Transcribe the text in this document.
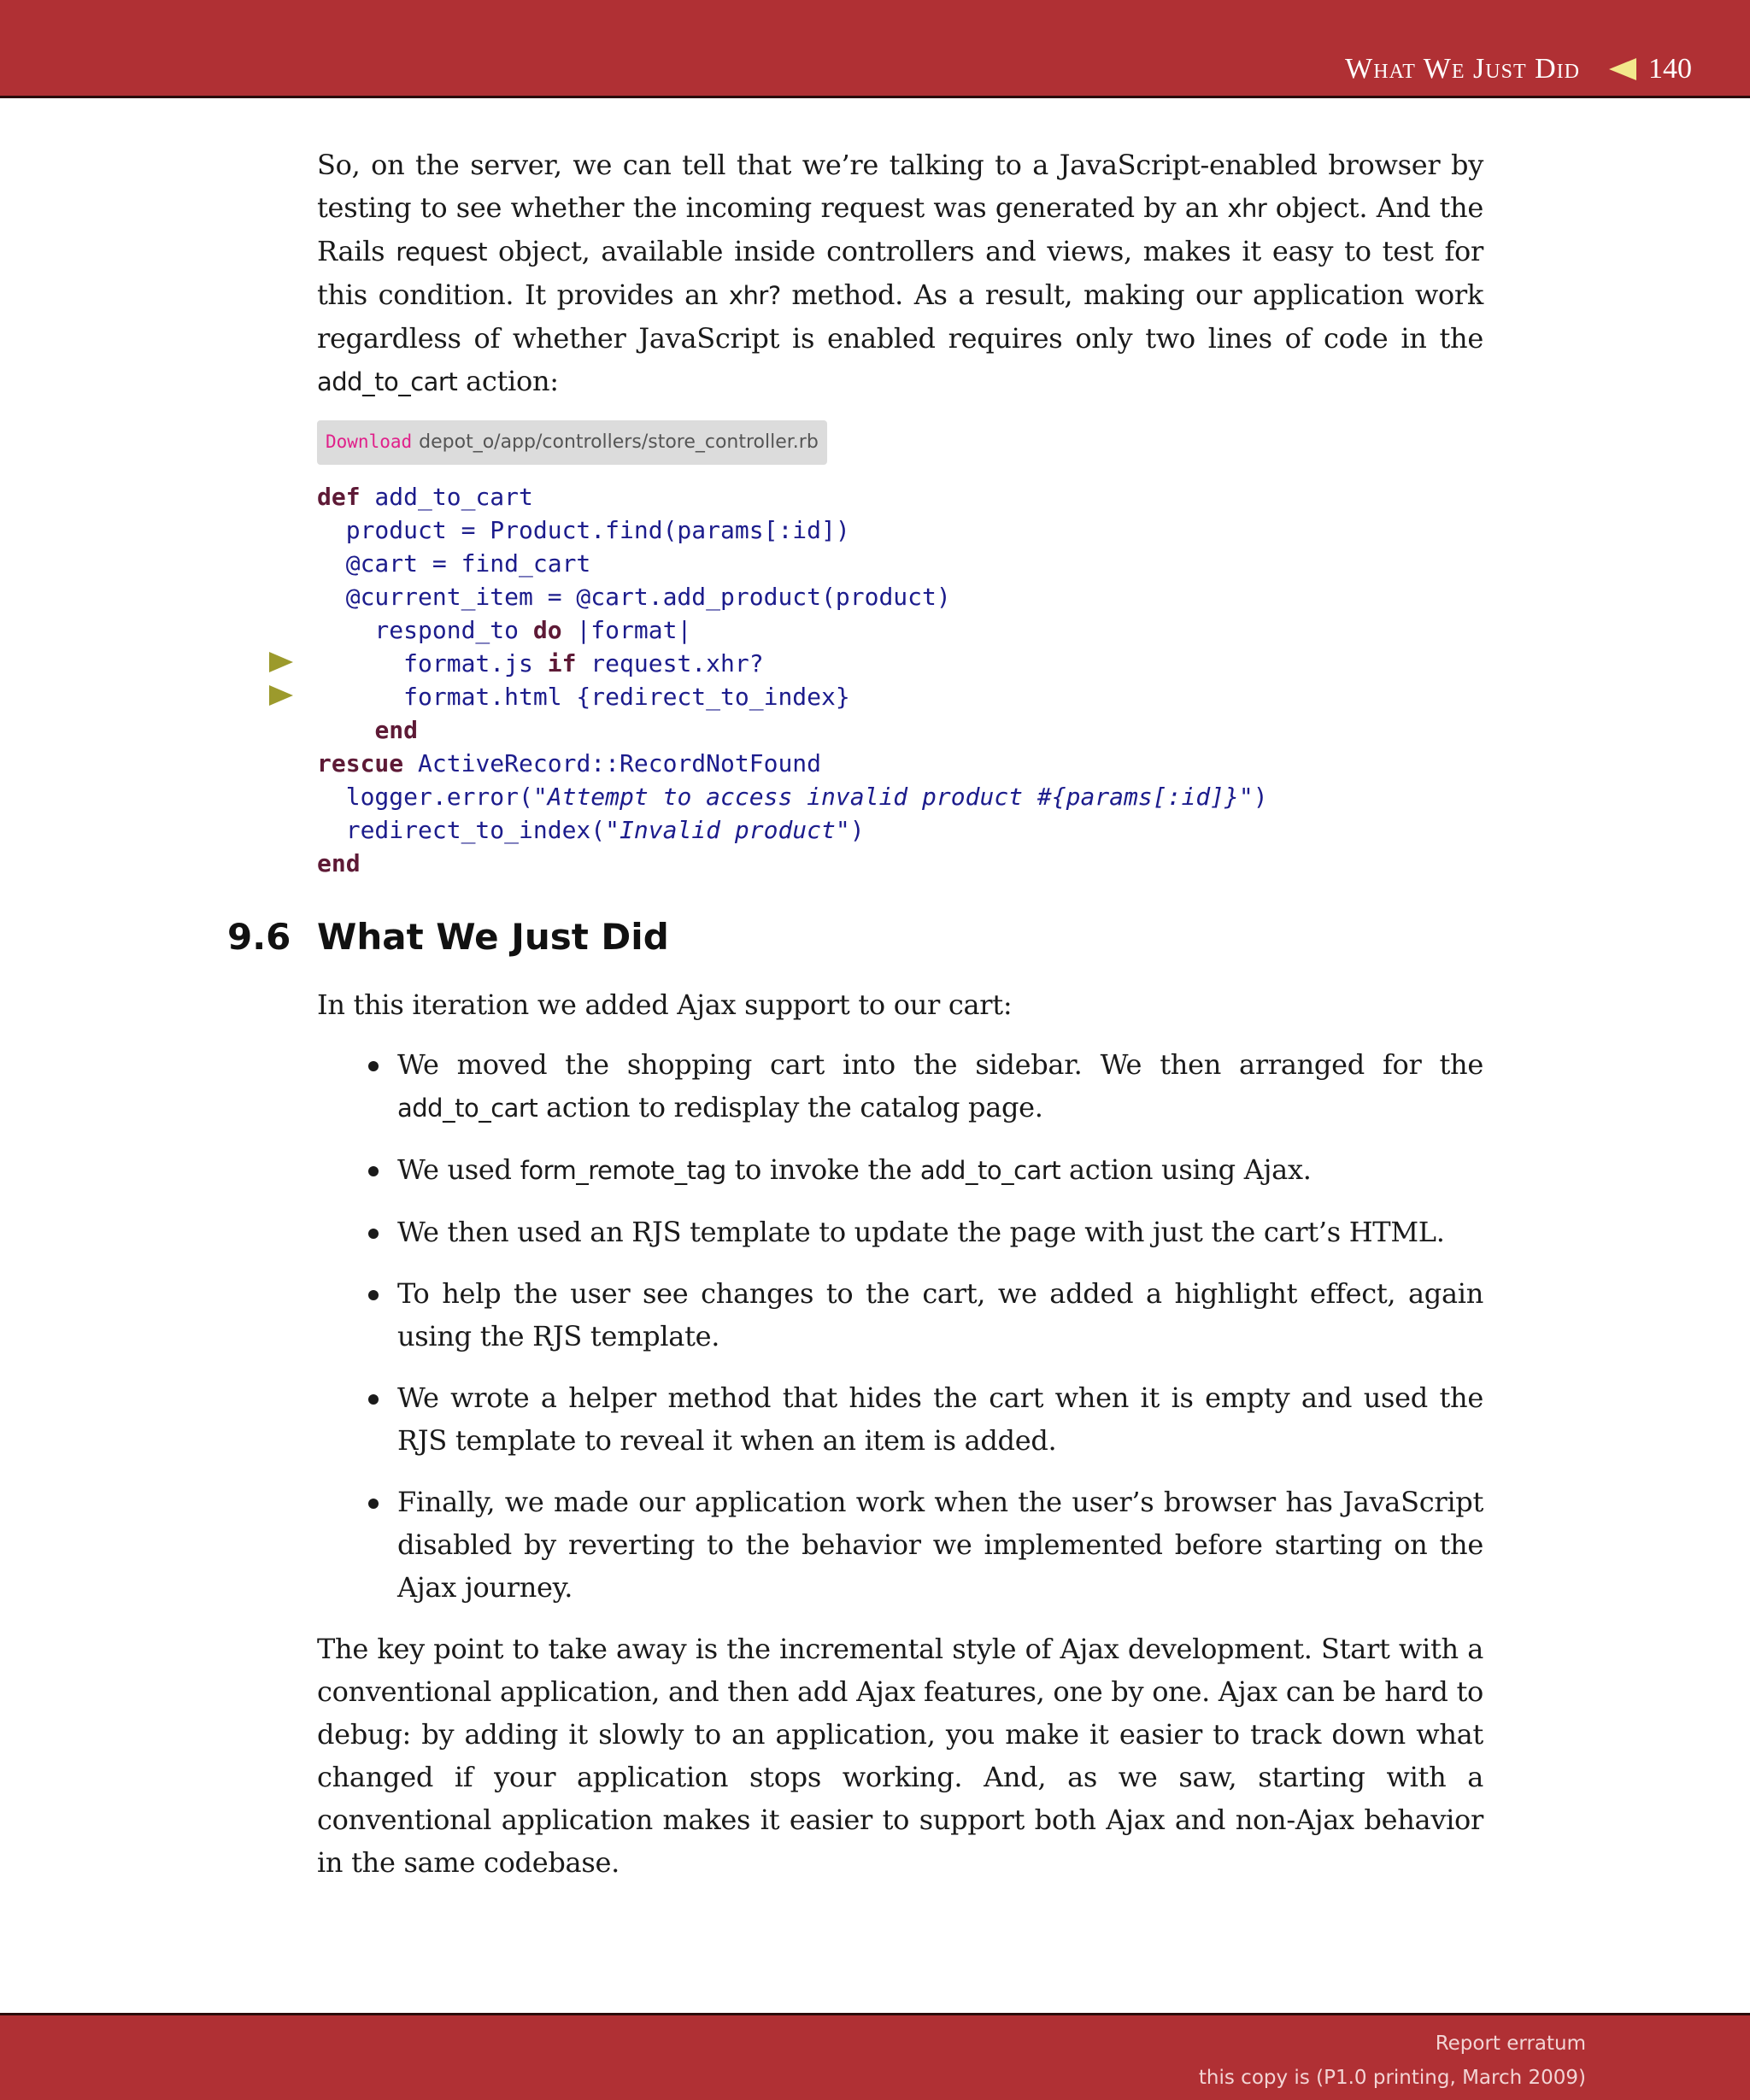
What We Just Did 140

So, on the server, we can tell that we’re talking to a JavaScript-enabled browser by testing to see whether the incoming request was generated by an xhr object. And the Rails request object, available inside controllers and views, makes it easy to test for this condition. It provides an xhr? method. As a result, making our application work regardless of whether JavaScript is enabled requires only two lines of code in the add_to_cart action:

Download depot_o/app/controllers/store_controller.rb
def add_to_cart
product = Product.find(params[:id])
@cart = find_cart
@current_item = @cart.add_product(product)
respond_to do |format|
format.js if request.xhr?
format.html {redirect_to_index}
end
rescue ActiveRecord::RecordNotFound
logger.error("Attempt to access invalid product #{params[:id]}")
redirect_to_index("Invalid product")
end
9.6 What We Just Did

In this iteration we added Ajax support to our cart:

We moved the shopping cart into the sidebar. We then arranged for the add_to_cart action to redisplay the catalog page.
We used form_remote_tag to invoke the add_to_cart action using Ajax.
We then used an RJS template to update the page with just the cart’s HTML.
To help the user see changes to the cart, we added a highlight effect, again using the RJS template.
We wrote a helper method that hides the cart when it is empty and used the RJS template to reveal it when an item is added.
Finally, we made our application work when the user’s browser has JavaScript disabled by reverting to the behavior we implemented before starting on the Ajax journey.

The key point to take away is the incremental style of Ajax development. Start with a conventional application, and then add Ajax features, one by one. Ajax can be hard to debug: by adding it slowly to an application, you make it easier to track down what changed if your application stops working. And, as we saw, starting with a conventional application makes it easier to support both Ajax and non-Ajax behavior in the same codebase.

Report erratum
this copy is (P1.0 printing, March 2009)
